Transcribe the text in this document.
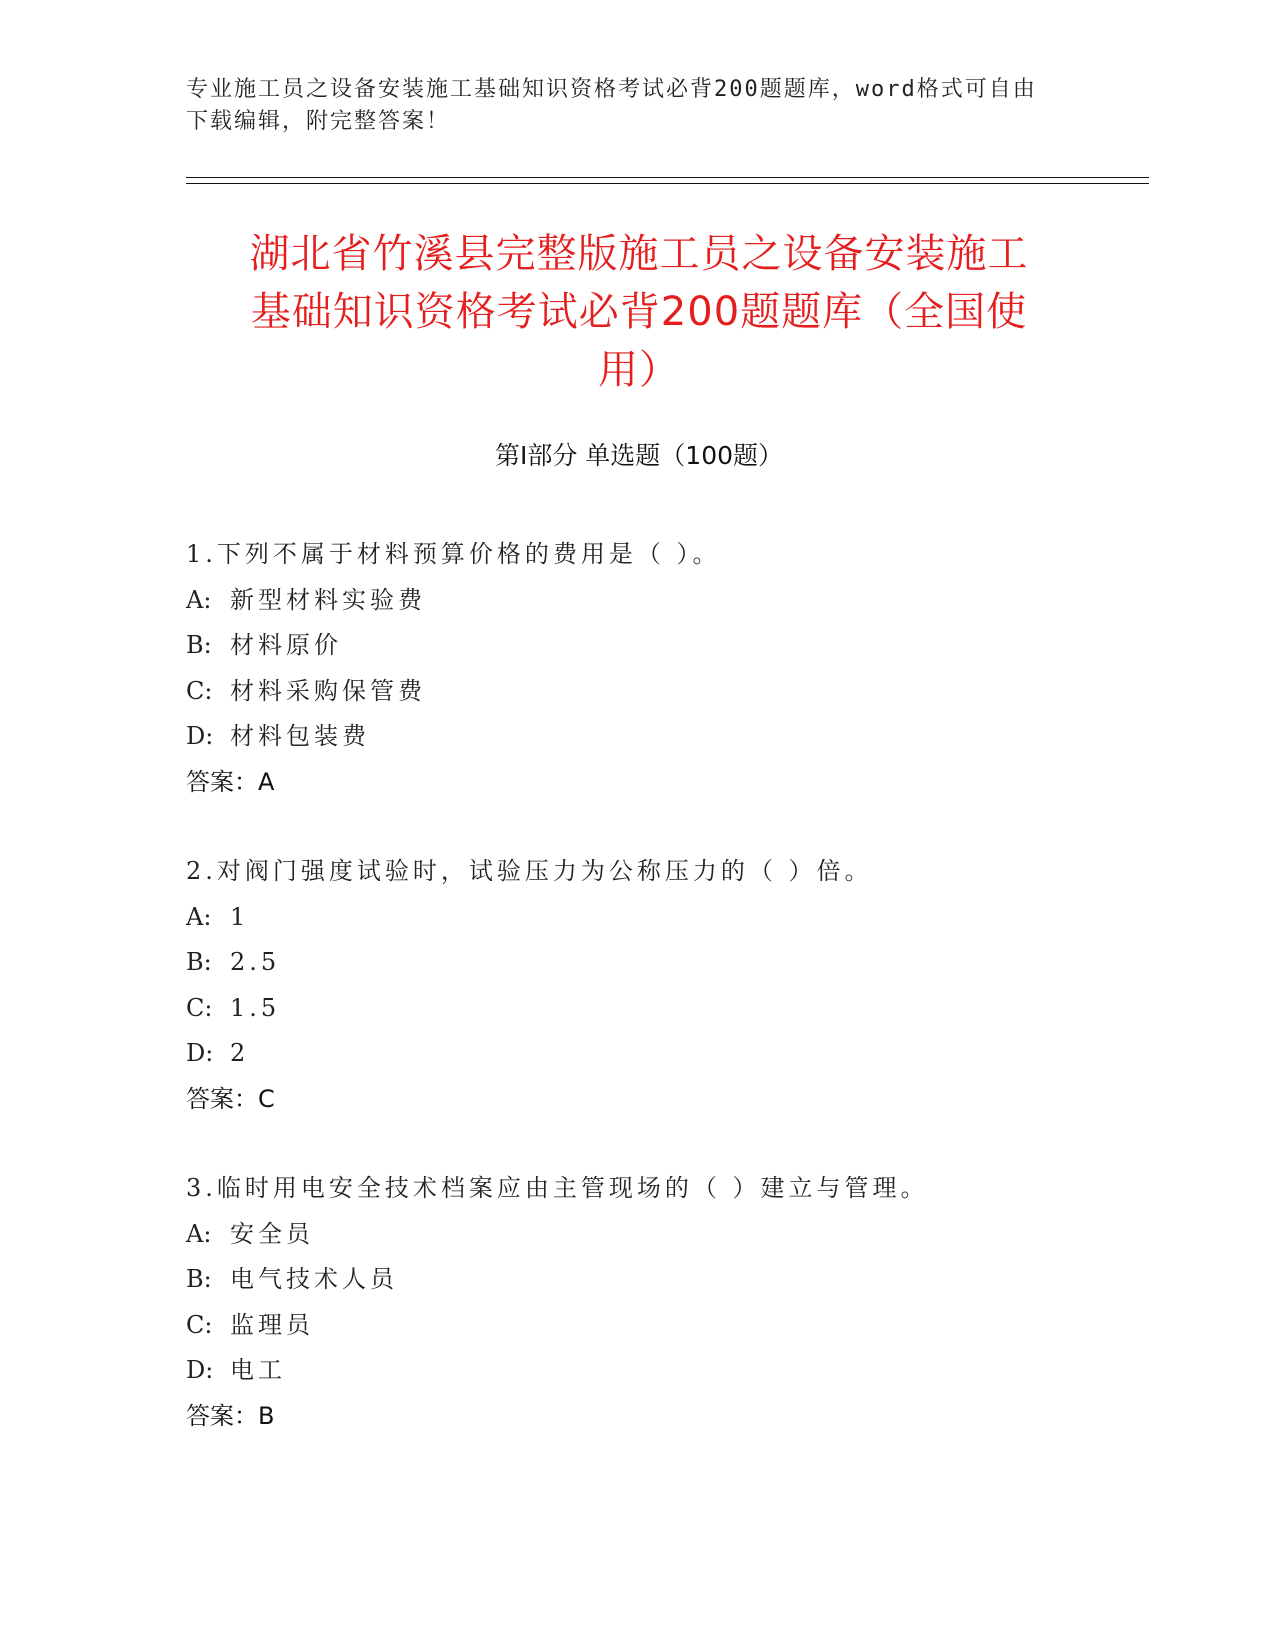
专业施工员之设备安装施工基础知识资格考试必背200题题库，word格式可自由
下载编辑，附完整答案！
湖北省竹溪县完整版施工员之设备安装施工
基础知识资格考试必背200题题库（全国使
用）
第Ⅰ部分 单选题（100题）
1.下列不属于材料预算价格的费用是（ ）。
A: 新型材料实验费
B: 材料原价
C: 材料采购保管费
D: 材料包装费
答案：A
2.对阀门强度试验时，试验压力为公称压力的（ ）倍。
A: 1
B: 2.5
C: 1.5
D: 2
答案：C
3.临时用电安全技术档案应由主管现场的（ ）建立与管理。
A: 安全员
B: 电气技术人员
C: 监理员
D: 电工
答案：B
